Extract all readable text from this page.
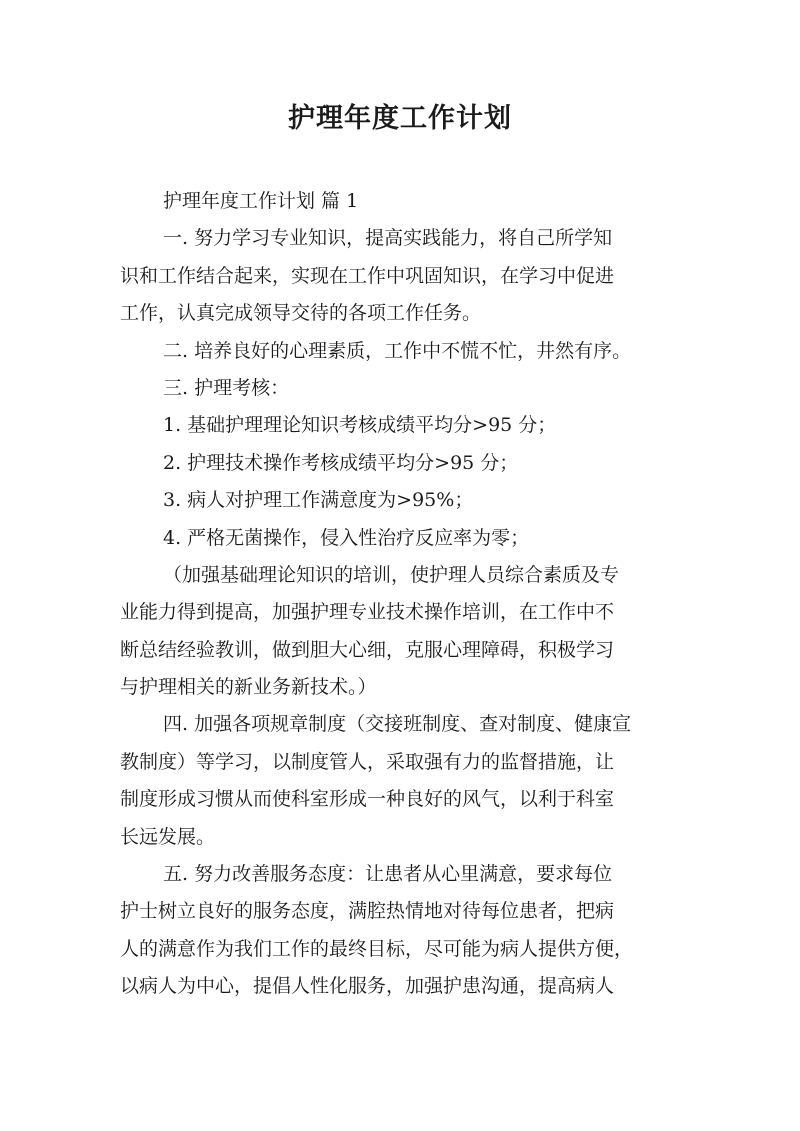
护理年度工作计划

护理年度工作计划 篇 1

一. 努力学习专业知识，提高实践能力，将自己所学知

识和工作结合起来，实现在工作中巩固知识，在学习中促进

工作，认真完成领导交待的各项工作任务。

二. 培养良好的心理素质，工作中不慌不忙，井然有序。

三. 护理考核：

1. 基础护理理论知识考核成绩平均分>95 分；

2. 护理技术操作考核成绩平均分>95 分；

3. 病人对护理工作满意度为>95%；

4. 严格无菌操作，侵入性治疗反应率为零；

（加强基础理论知识的培训，使护理人员综合素质及专

业能力得到提高，加强护理专业技术操作培训，在工作中不

断总结经验教训，做到胆大心细，克服心理障碍，积极学习

与护理相关的新业务新技术。）

四. 加强各项规章制度（交接班制度、查对制度、健康宣

教制度）等学习，以制度管人，采取强有力的监督措施，让

制度形成习惯从而使科室形成一种良好的风气，以利于科室

长远发展。

五. 努力改善服务态度：让患者从心里满意，要求每位

护士树立良好的服务态度，满腔热情地对待每位患者，把病

人的满意作为我们工作的最终目标，尽可能为病人提供方便，

以病人为中心，提倡人性化服务，加强护患沟通，提高病人
